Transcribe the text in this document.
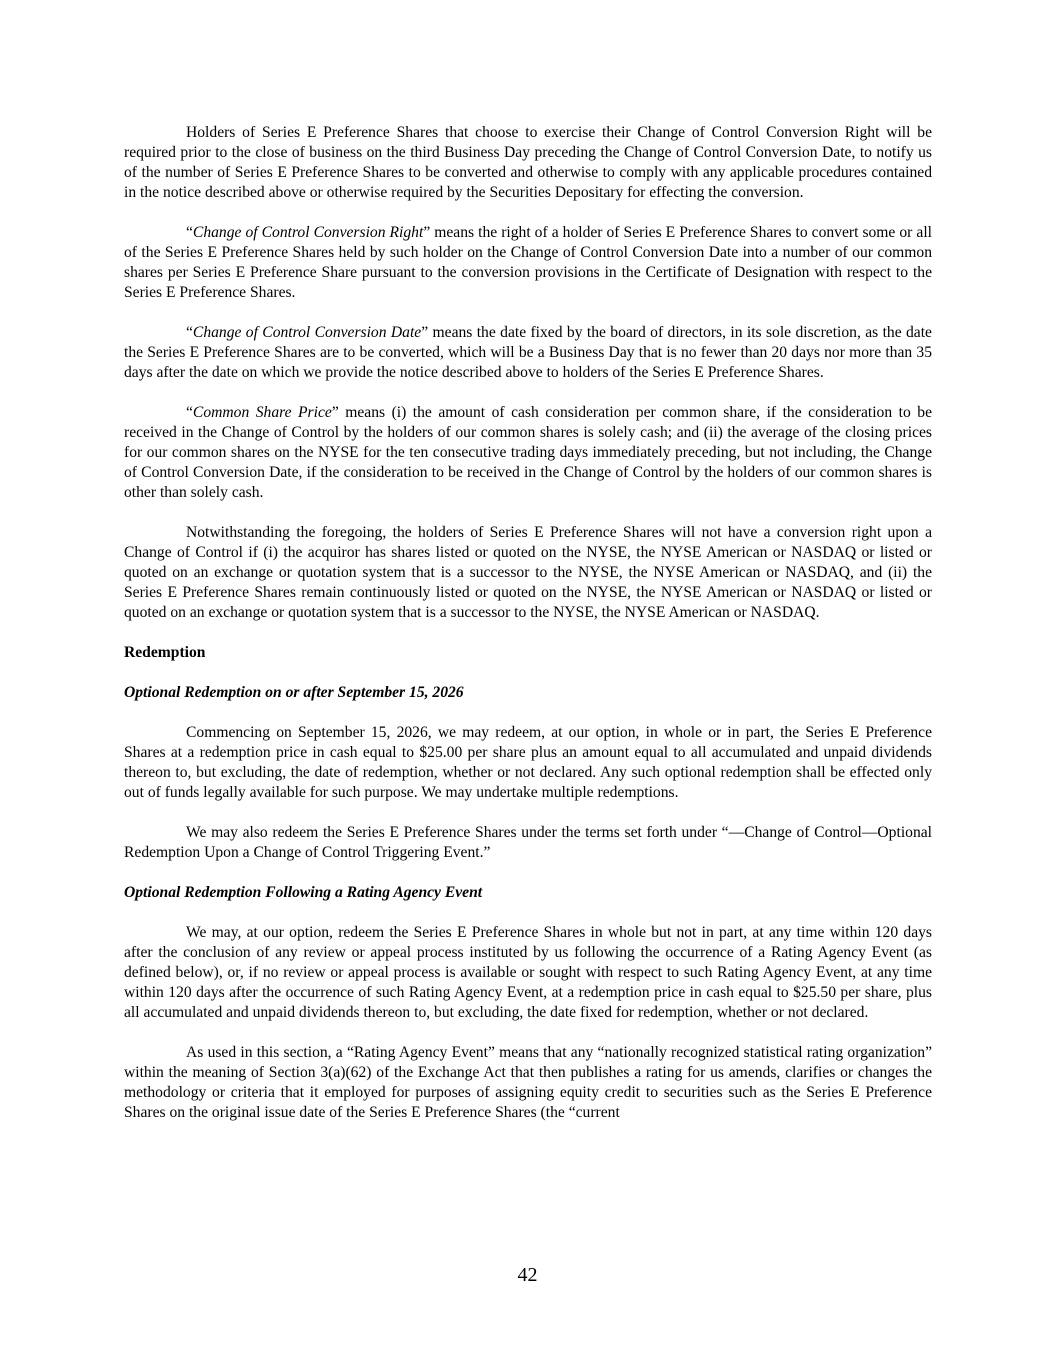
Holders of Series E Preference Shares that choose to exercise their Change of Control Conversion Right will be required prior to the close of business on the third Business Day preceding the Change of Control Conversion Date, to notify us of the number of Series E Preference Shares to be converted and otherwise to comply with any applicable procedures contained in the notice described above or otherwise required by the Securities Depositary for effecting the conversion.

“Change of Control Conversion Right” means the right of a holder of Series E Preference Shares to convert some or all of the Series E Preference Shares held by such holder on the Change of Control Conversion Date into a number of our common shares per Series E Preference Share pursuant to the conversion provisions in the Certificate of Designation with respect to the Series E Preference Shares.

“Change of Control Conversion Date” means the date fixed by the board of directors, in its sole discretion, as the date the Series E Preference Shares are to be converted, which will be a Business Day that is no fewer than 20 days nor more than 35 days after the date on which we provide the notice described above to holders of the Series E Preference Shares.

“Common Share Price” means (i) the amount of cash consideration per common share, if the consideration to be received in the Change of Control by the holders of our common shares is solely cash; and (ii) the average of the closing prices for our common shares on the NYSE for the ten consecutive trading days immediately preceding, but not including, the Change of Control Conversion Date, if the consideration to be received in the Change of Control by the holders of our common shares is other than solely cash.

Notwithstanding the foregoing, the holders of Series E Preference Shares will not have a conversion right upon a Change of Control if (i) the acquiror has shares listed or quoted on the NYSE, the NYSE American or NASDAQ or listed or quoted on an exchange or quotation system that is a successor to the NYSE, the NYSE American or NASDAQ, and (ii) the Series E Preference Shares remain continuously listed or quoted on the NYSE, the NYSE American or NASDAQ or listed or quoted on an exchange or quotation system that is a successor to the NYSE, the NYSE American or NASDAQ.

Redemption

Optional Redemption on or after September 15, 2026

Commencing on September 15, 2026, we may redeem, at our option, in whole or in part, the Series E Preference Shares at a redemption price in cash equal to $25.00 per share plus an amount equal to all accumulated and unpaid dividends thereon to, but excluding, the date of redemption, whether or not declared. Any such optional redemption shall be effected only out of funds legally available for such purpose. We may undertake multiple redemptions.

We may also redeem the Series E Preference Shares under the terms set forth under “—Change of Control—Optional Redemption Upon a Change of Control Triggering Event.”

Optional Redemption Following a Rating Agency Event

We may, at our option, redeem the Series E Preference Shares in whole but not in part, at any time within 120 days after the conclusion of any review or appeal process instituted by us following the occurrence of a Rating Agency Event (as defined below), or, if no review or appeal process is available or sought with respect to such Rating Agency Event, at any time within 120 days after the occurrence of such Rating Agency Event, at a redemption price in cash equal to $25.50 per share, plus all accumulated and unpaid dividends thereon to, but excluding, the date fixed for redemption, whether or not declared.

As used in this section, a “Rating Agency Event” means that any “nationally recognized statistical rating organization” within the meaning of Section 3(a)(62) of the Exchange Act that then publishes a rating for us amends, clarifies or changes the methodology or criteria that it employed for purposes of assigning equity credit to securities such as the Series E Preference Shares on the original issue date of the Series E Preference Shares (the “current

42
